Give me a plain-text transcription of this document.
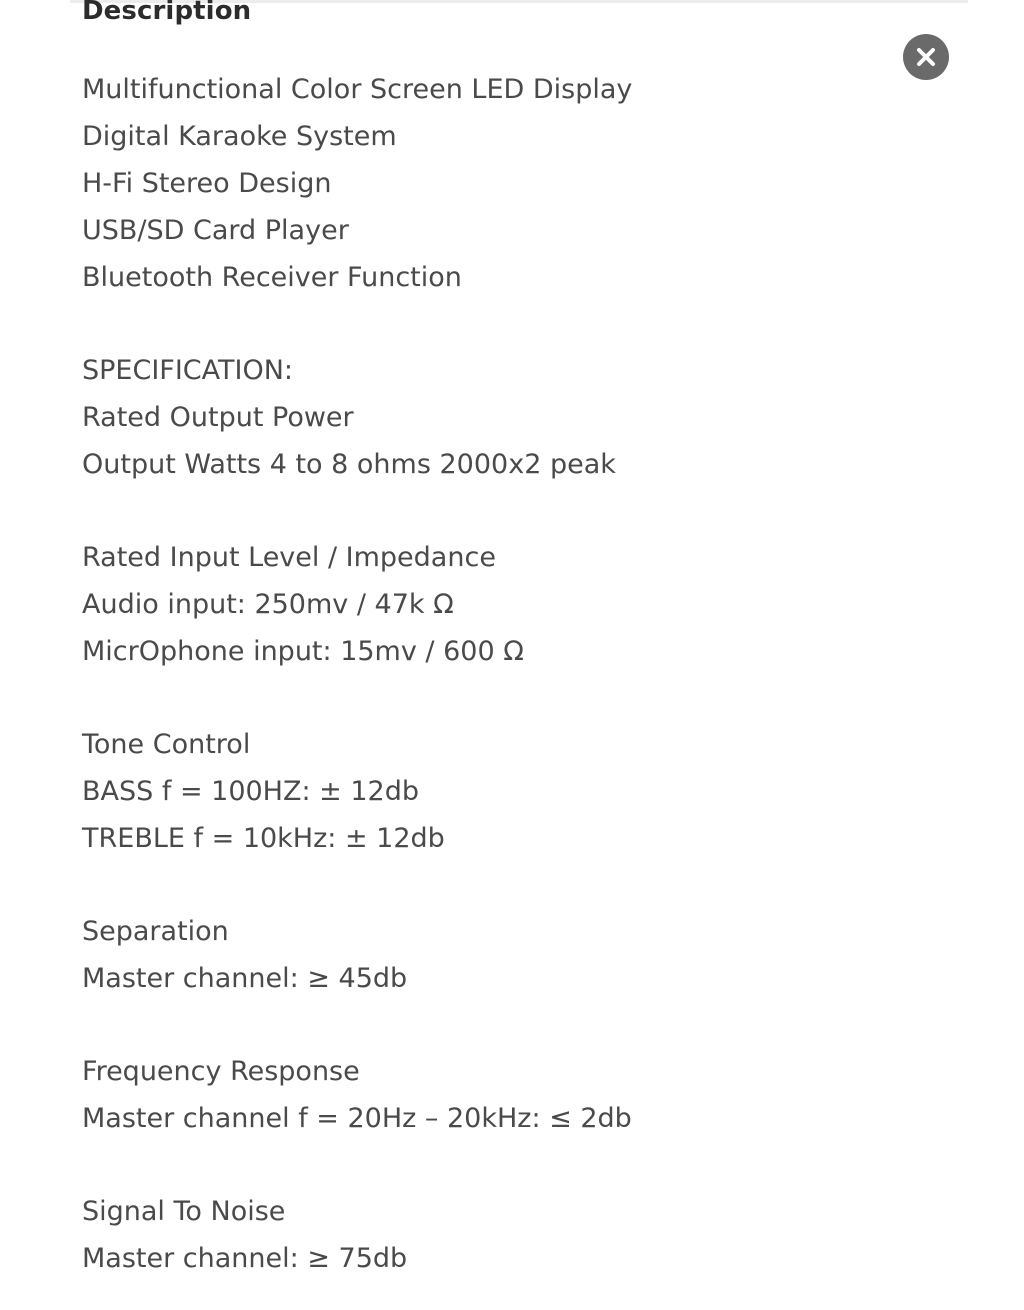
Description
Multifunctional Color Screen LED Display
Digital Karaoke System
H-Fi Stereo Design
USB/SD Card Player
Bluetooth Receiver Function
SPECIFICATION:
Rated Output Power
Output Watts 4 to 8 ohms 2000x2 peak
Rated Input Level / Impedance
Audio input: 250mv / 47k Ω
MicrOphone input: 15mv / 600 Ω
Tone Control
BASS f = 100HZ: ± 12db
TREBLE f = 10kHz: ± 12db
Separation
Master channel: ≥ 45db
Frequency Response
Master channel f = 20Hz – 20kHz: ≤ 2db
Signal To Noise
Master channel: ≥ 75db
